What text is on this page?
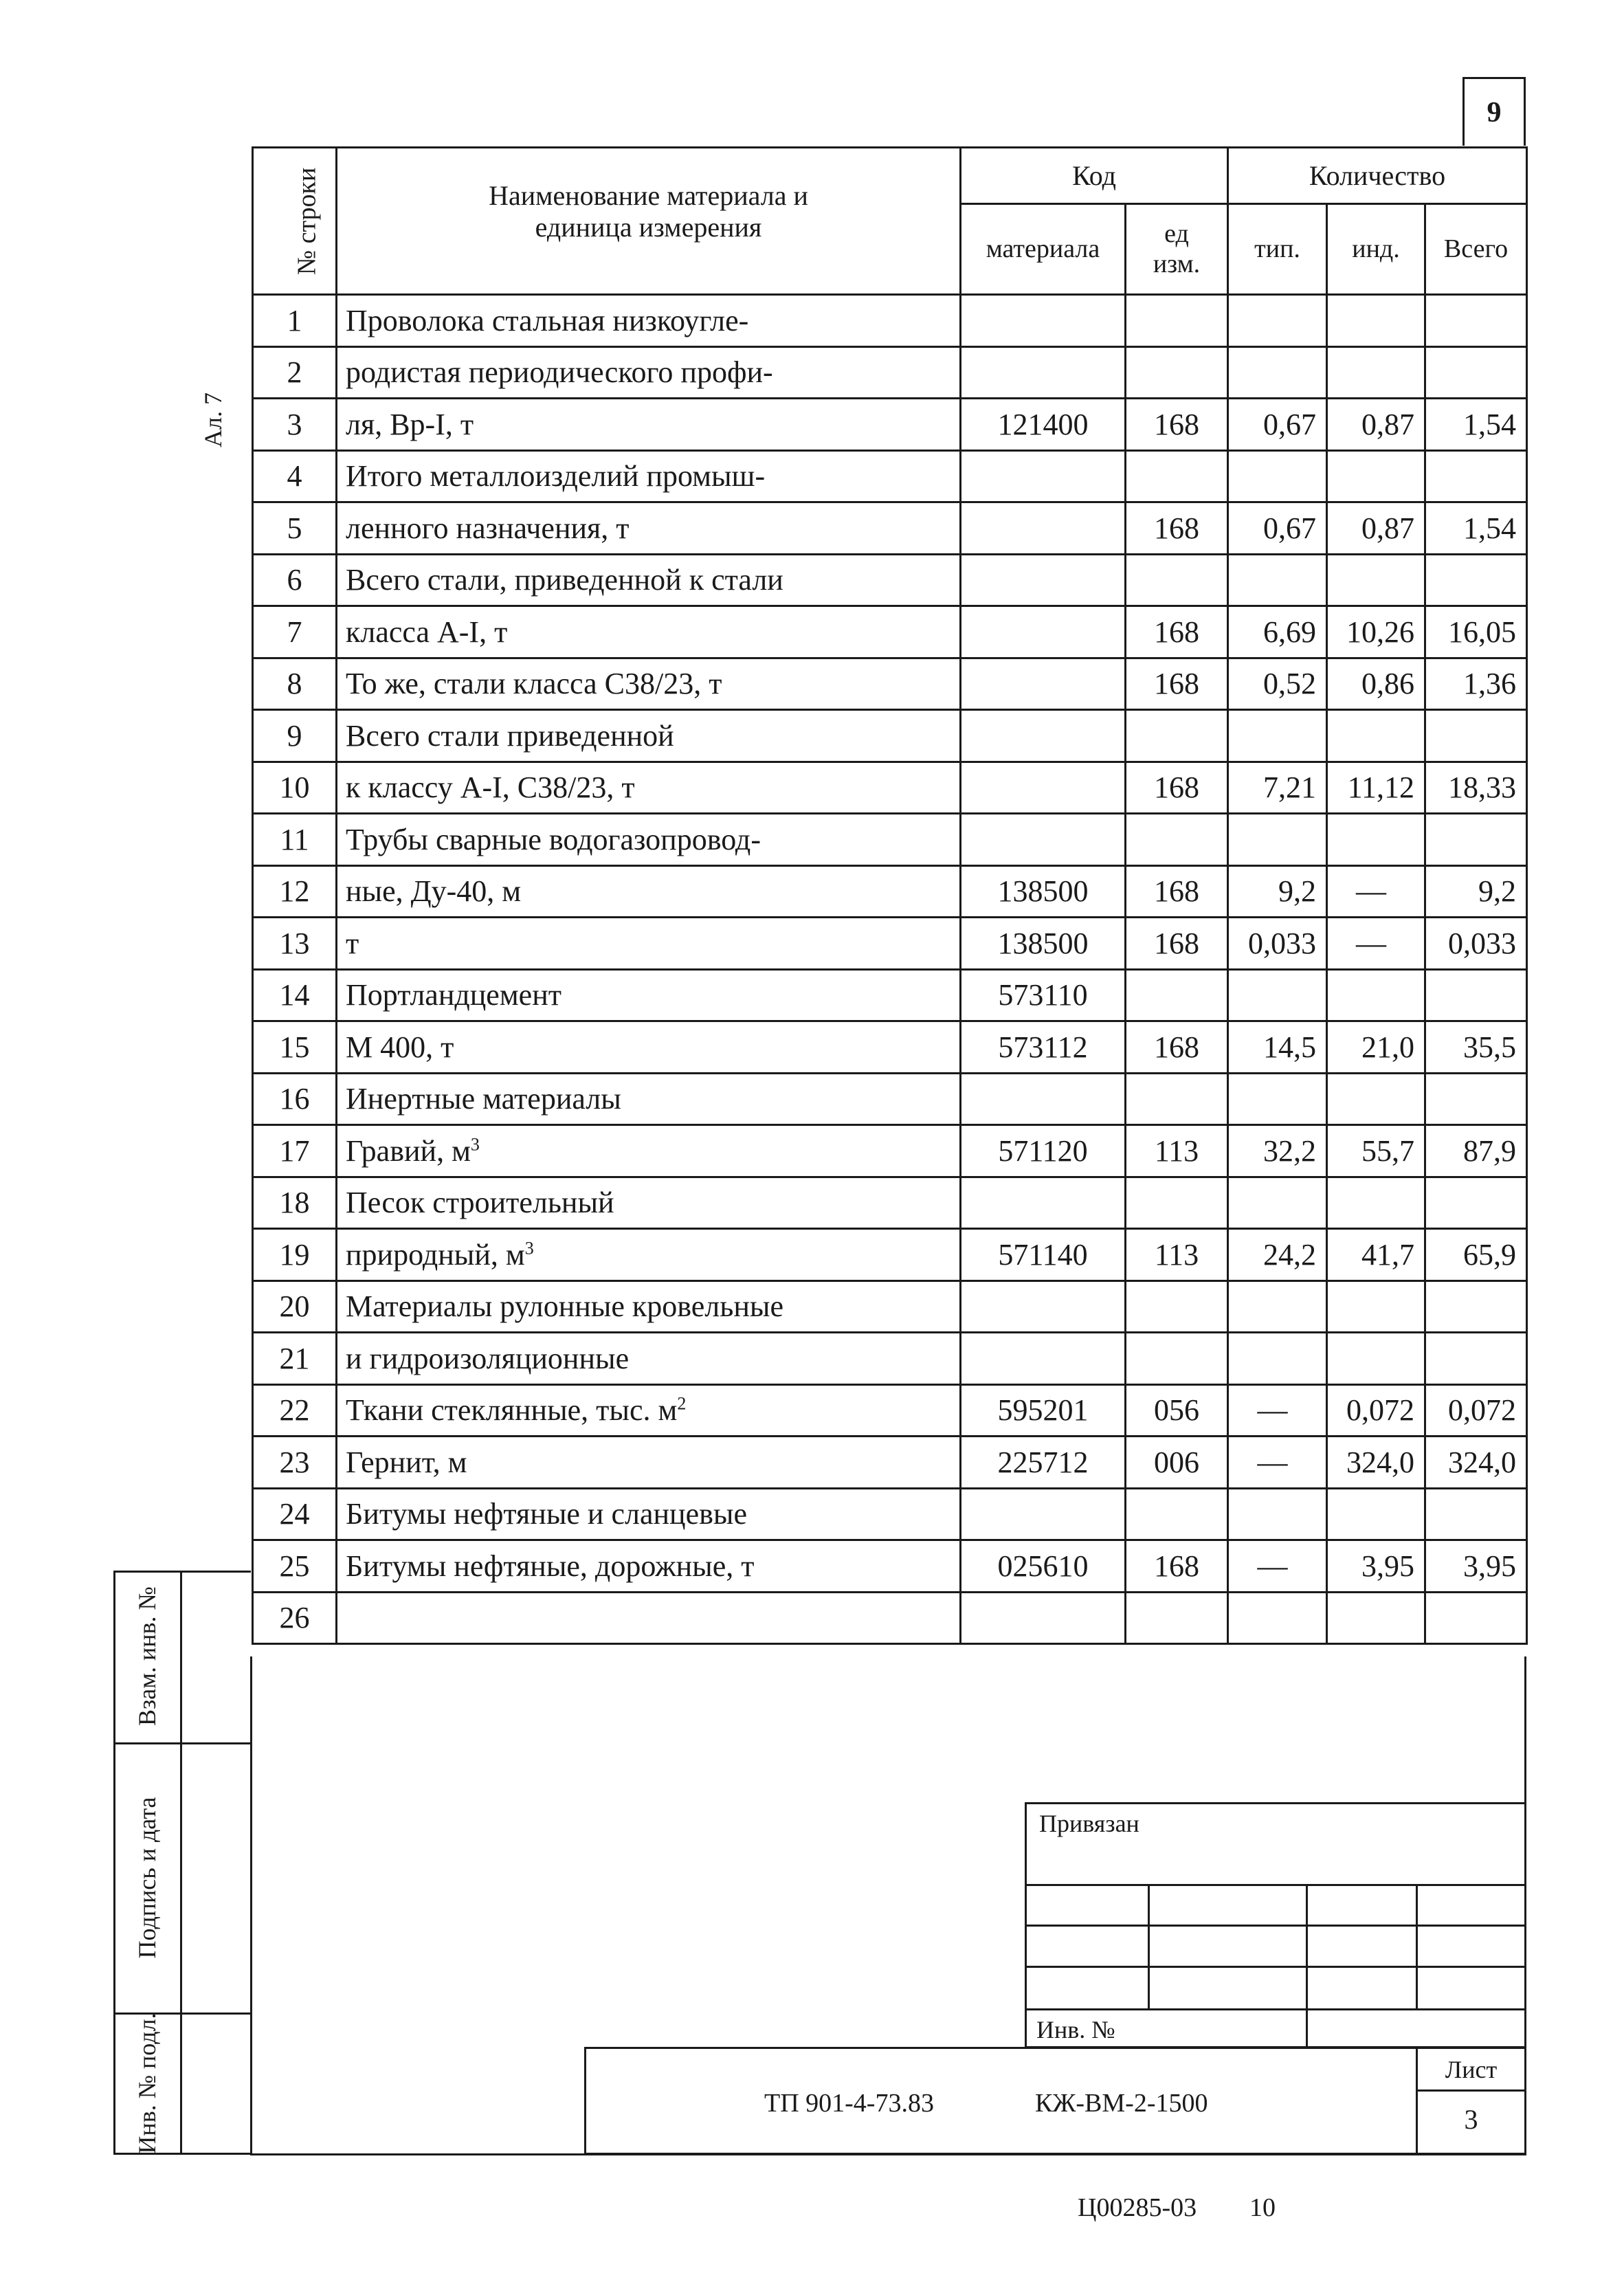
9
Ал. 7
№ строки	Наименование материала и единица измерения	Код		Количество		
		материала	ед изм.	тип.	инд.	Всего
1	Проволока стальная низкоугле-					
2	родистая периодического профи-					
3	ля, Вр-I, т	121400	168	0,67	0,87	1,54
4	Итого металлоизделий промыш-					
5	ленного назначения, т		168	0,67	0,87	1,54
6	Всего стали, приведенной к стали					
7	класса А-I, т		168	6,69	10,26	16,05
8	То же, стали класса С38/23, т		168	0,52	0,86	1,36
9	Всего стали приведенной					
10	к классу А-I, С38/23, т		168	7,21	11,12	18,33
11	Трубы сварные водогазопровод-					
12	ные, Ду-40, м	138500	168	9,2	—	9,2
13	т	138500	168	0,033	—	0,033
14	Портландцемент	573110				
15	М 400, т	573112	168	14,5	21,0	35,5
16	Инертные материалы					
17	Гравий, $м^3$	571120	113	32,2	55,7	87,9
18	Песок строительный					
19	природный, $м^3$	571140	113	24,2	41,7	65,9
20	Материалы рулонные кровельные					
21	и гидроизоляционные					
22	Ткани стеклянные, тыс. $м^2$	595201	056	—	0,072	0,072
23	Гернит, м	225712	006	—	324,0	324,0
24	Битумы нефтяные и сланцевые					
25	Битумы нефтяные, дорожные, т	025610	168	—	3,95	3,95
26						
Взам. инв. №
Подпись и дата
Инв. № подл.
Привязан
Инв. №
ТП 901-4-73.83	КЖ-ВМ-2-1500
Лист
3
Ц00285-03 10
